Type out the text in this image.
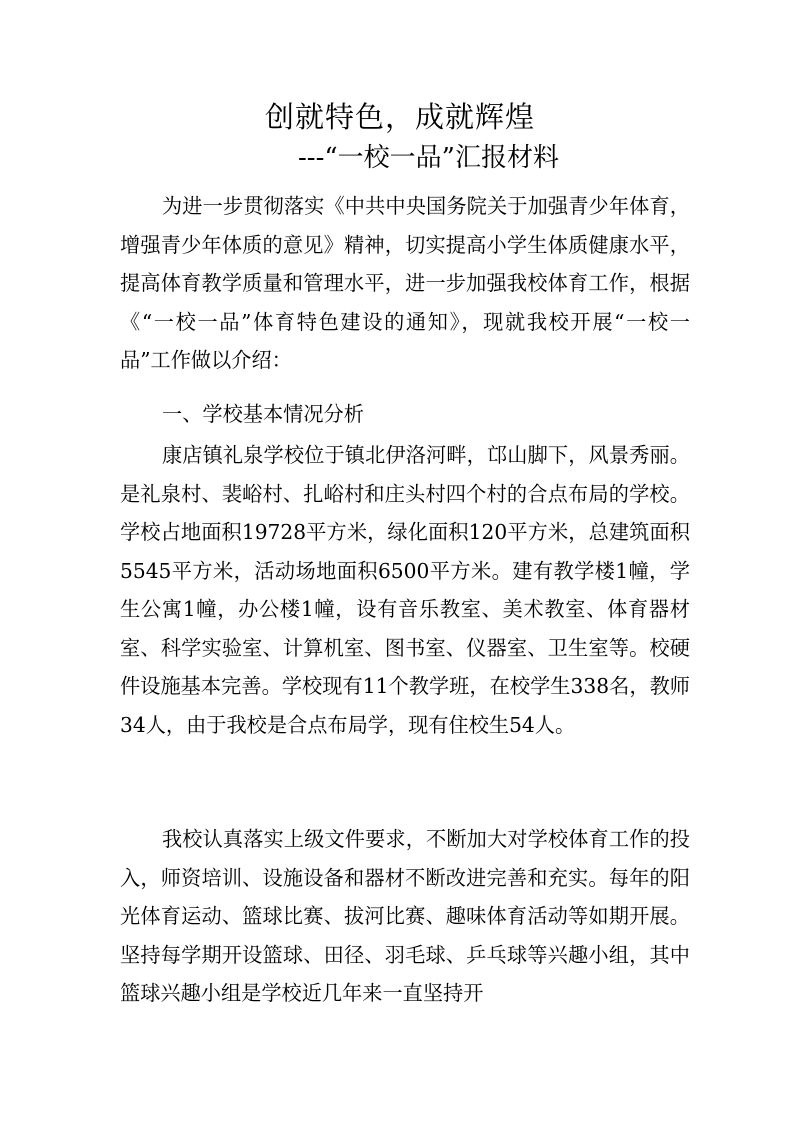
创就特色，成就辉煌
---“一校一品”汇报材料

为进一步贯彻落实《中共中央国务院关于加强青少年体育，增强青少年体质的意见》精神，切实提高小学生体质健康水平，提高体育教学质量和管理水平，进一步加强我校体育工作，根据《“一校一品”体育特色建设的通知》，现就我校开展“一校一品”工作做以介绍：

一、学校基本情况分析

康店镇礼泉学校位于镇北伊洛河畔，邙山脚下，风景秀丽。是礼泉村、裴峪村、扎峪村和庄头村四个村的合点布局的学校。学校占地面积19728平方米，绿化面积120平方米，总建筑面积 5545平方米，活动场地面积6500平方米。建有教学楼1幢，学生公寓1幢，办公楼1幢，设有音乐教室、美术教室、体育器材室、科学实验室、计算机室、图书室、仪器室、卫生室等。校硬件设施基本完善。学校现有11个教学班，在校学生338名，教师34人，由于我校是合点布局学，现有住校生54人。

我校认真落实上级文件要求，不断加大对学校体育工作的投入，师资培训、设施设备和器材不断改进完善和充实。每年的阳光体育运动、篮球比赛、拔河比赛、趣味体育活动等如期开展。坚持每学期开设篮球、田径、羽毛球、乒乓球等兴趣小组，其中篮球兴趣小组是学校近几年来一直坚持开
